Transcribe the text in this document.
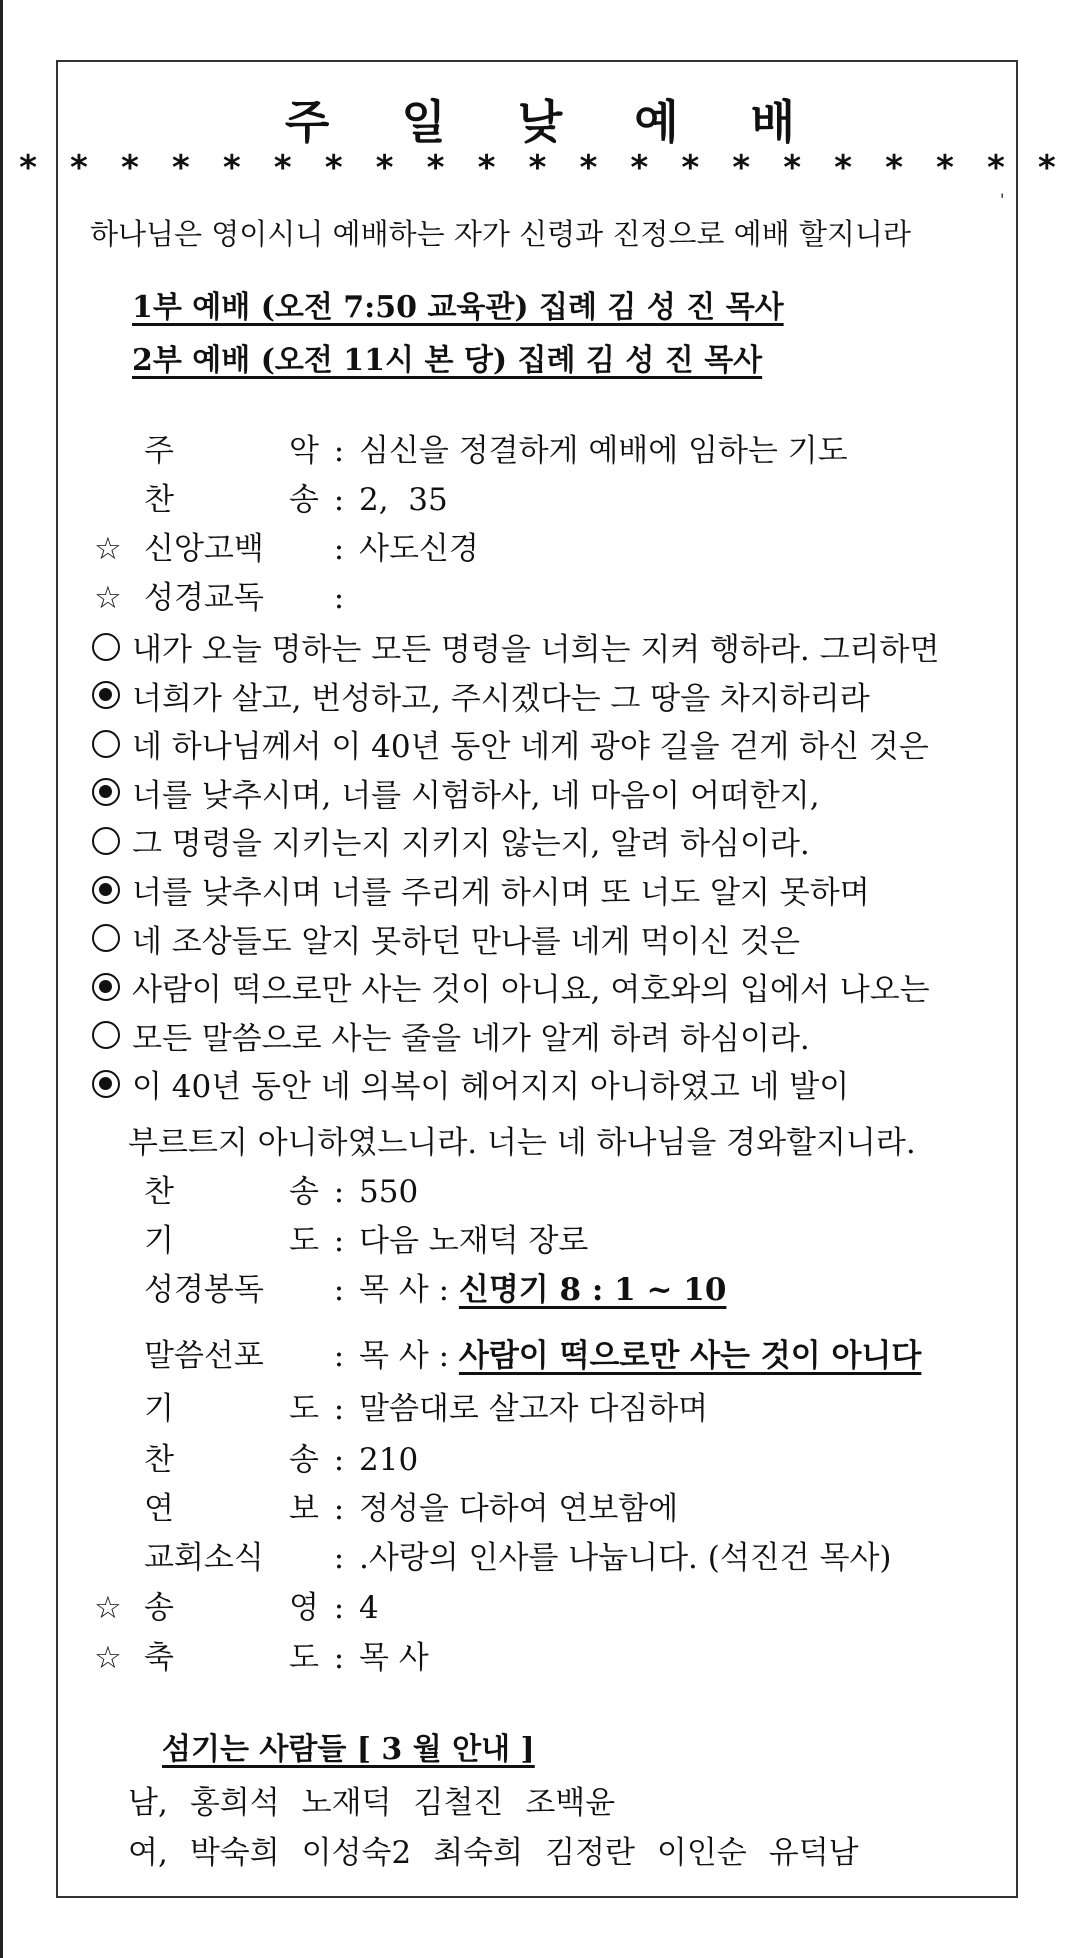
주 일 낮 예 배
* * * * * * * * * * * * * * * * * * * * *
하나님은 영이시니 예배하는 자가 신령과 진정으로 예배 할지니라
'
1부 예배 (오전 7:50 교육관) 집례 김 성 진 목사
2부 예배 (오전 11시 본 당) 집례 김 성 진 목사
주 악 : 심신을 정결하게 예배에 임하는 기도
찬 송 : 2,  35
☆ 신앙고백	: 사도신경
☆ 성경교독	:
내가 오늘 명하는 모든 명령을 너희는 지켜 행하라. 그리하면
너희가 살고, 번성하고, 주시겠다는 그 땅을 차지하리라
네 하나님께서 이 40년 동안 네게 광야 길을 걷게 하신 것은
너를 낮추시며, 너를 시험하사, 네 마음이 어떠한지,
그 명령을 지키는지 지키지 않는지, 알려 하심이라.
너를 낮추시며 너를 주리게 하시며 또 너도 알지 못하며
네 조상들도 알지 못하던 만나를 네게 먹이신 것은
사람이 떡으로만 사는 것이 아니요, 여호와의 입에서 나오는
모든 말씀으로 사는 줄을 네가 알게 하려 하심이라.
이 40년 동안 네 의복이 헤어지지 아니하였고 네 발이
부르트지 아니하였느니라. 너는 네 하나님을 경와할지니라.
찬 송 : 550
기 도 : 다음 노재덕 장로
성경봉독	: 목 사 : 신명기 8 : 1 ~ 10
말씀선포	: 목 사 : 사람이 떡으로만 사는 것이 아니다
기 도 : 말씀대로 살고자 다짐하며
찬 송 : 210
연 보 : 정성을 다하여 연보함에
교회소식	: .사랑의 인사를 나눕니다. (석진건 목사)
☆ 송 영 : 4
☆ 축 도 : 목 사
섬기는 사람들 [ 3 월 안내 ]
남, 홍희석 노재덕 김철진 조백윤
여, 박숙희 이성숙2 최숙희 김정란 이인순 유덕남
